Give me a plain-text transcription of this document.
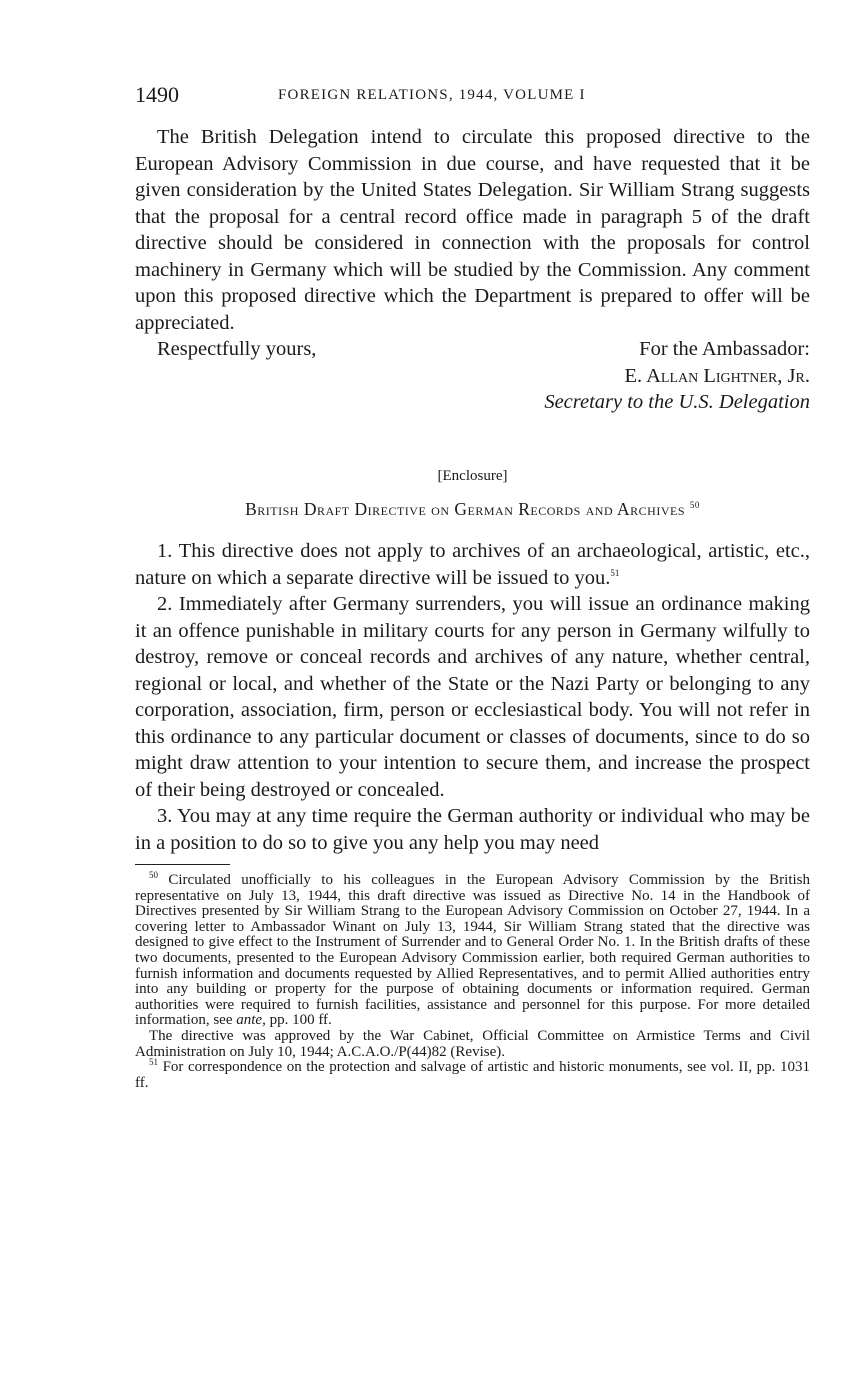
1490	FOREIGN RELATIONS, 1944, VOLUME I

The British Delegation intend to circulate this proposed directive to the European Advisory Commission in due course, and have requested that it be given consideration by the United States Delegation. Sir William Strang suggests that the proposal for a central record office made in paragraph 5 of the draft directive should be considered in connection with the proposals for control machinery in Germany which will be studied by the Commission. Any comment upon this proposed directive which the Department is prepared to offer will be appreciated.

Respectfully yours,	For the Ambassador:
E. Allan Lightner, Jr.
Secretary to the U.S. Delegation
[Enclosure]
British Draft Directive on German Records and Archives $^{50}$

1. This directive does not apply to archives of an archaeological, artistic, etc., nature on which a separate directive will be issued to you.$^{51}$

2. Immediately after Germany surrenders, you will issue an ordinance making it an offence punishable in military courts for any person in Germany wilfully to destroy, remove or conceal records and archives of any nature, whether central, regional or local, and whether of the State or the Nazi Party or belonging to any corporation, association, firm, person or ecclesiastical body. You will not refer in this ordinance to any particular document or classes of documents, since to do so might draw attention to your intention to secure them, and increase the prospect of their being destroyed or concealed.

3. You may at any time require the German authority or individual who may be in a position to do so to give you any help you may need

$^{50}$ Circulated unofficially to his colleagues in the European Advisory Commission by the British representative on July 13, 1944, this draft directive was issued as Directive No. 14 in the Handbook of Directives presented by Sir William Strang to the European Advisory Commission on October 27, 1944. In a covering letter to Ambassador Winant on July 13, 1944, Sir William Strang stated that the directive was designed to give effect to the Instrument of Surrender and to General Order No. 1. In the British drafts of these two documents, presented to the European Advisory Commission earlier, both required German authorities to furnish information and documents requested by Allied Representatives, and to permit Allied authorities entry into any building or property for the purpose of obtaining documents or information required. German authorities were required to furnish facilities, assistance and personnel for this purpose. For more detailed information, see ante, pp. 100 ff.

The directive was approved by the War Cabinet, Official Committee on Armistice Terms and Civil Administration on July 10, 1944; A.C.A.O./P(44)82 (Revise).

$^{51}$ For correspondence on the protection and salvage of artistic and historic monuments, see vol. II, pp. 1031 ff.
